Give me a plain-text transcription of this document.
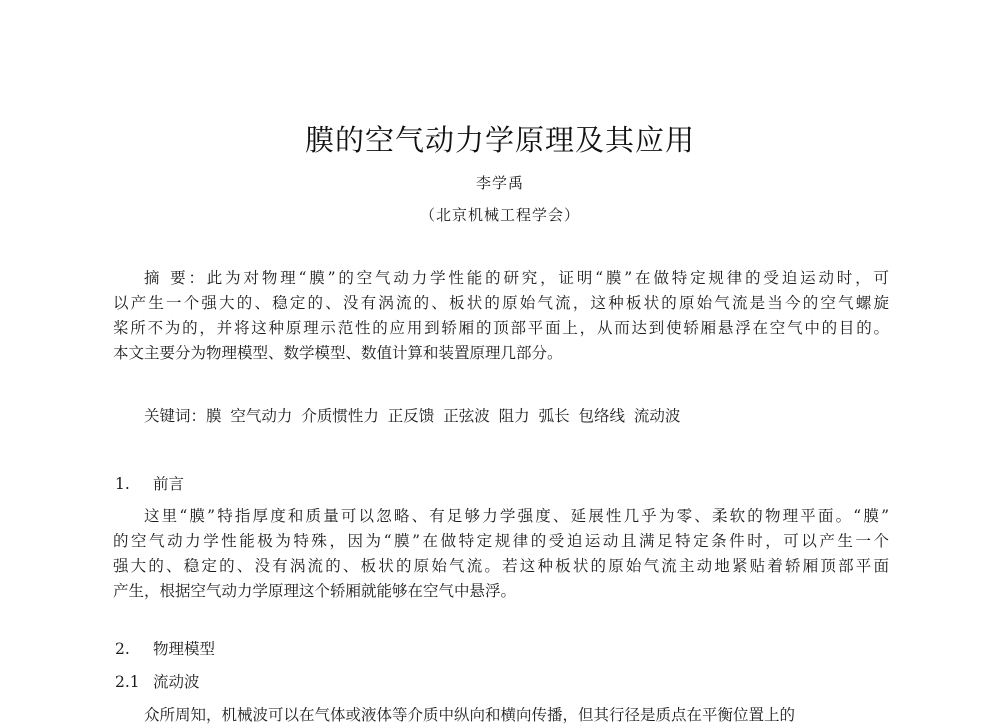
膜的空气动力学原理及其应用
李学禹
（北京机械工程学会）
摘 要：此为对物理“膜”的空气动力学性能的研究，证明“膜”在做特定规律的受迫运动时，可
以产生一个强大的、稳定的、没有涡流的、板状的原始气流，这种板状的原始气流是当今的空气螺旋
桨所不为的，并将这种原理示范性的应用到轿厢的顶部平面上，从而达到使轿厢悬浮在空气中的目的。
本文主要分为物理模型、数学模型、数值计算和装置原理几部分。
关键词：膜 空气动力 介质惯性力 正反馈 正弦波 阻力 弧长 包络线 流动波
1. 前言
这里“膜”特指厚度和质量可以忽略、有足够力学强度、延展性几乎为零、柔软的物理平面。“膜”
的空气动力学性能极为特殊，因为“膜”在做特定规律的受迫运动且满足特定条件时，可以产生一个
强大的、稳定的、没有涡流的、板状的原始气流。若这种板状的原始气流主动地紧贴着轿厢顶部平面
产生，根据空气动力学原理这个轿厢就能够在空气中悬浮。
2. 物理模型
2.1 流动波
众所周知，机械波可以在气体或液体等介质中纵向和横向传播，但其行径是质点在平衡位置上的
